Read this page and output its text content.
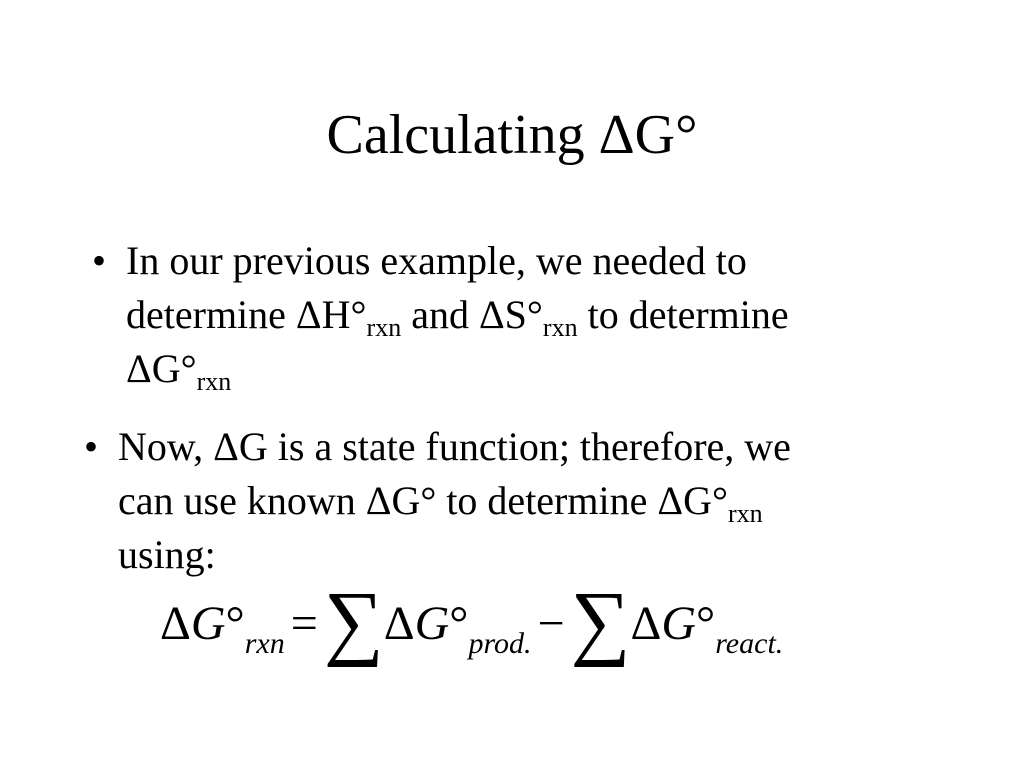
Calculating ΔG°
• In our previous example, we needed to
determine $\Delta H^\circ_{rxn}$ and $\Delta S^\circ_{rxn}$ to determine
$\Delta G^\circ_{rxn}$
• Now, ΔG is a state function; therefore, we
can use known ΔG° to determine $\Delta G^\circ_{rxn}$
using:
$\Delta G^\circ_{rxn} =\sum\Delta G^\circ_{prod.} -\sum\Delta G^\circ_{react.}$
